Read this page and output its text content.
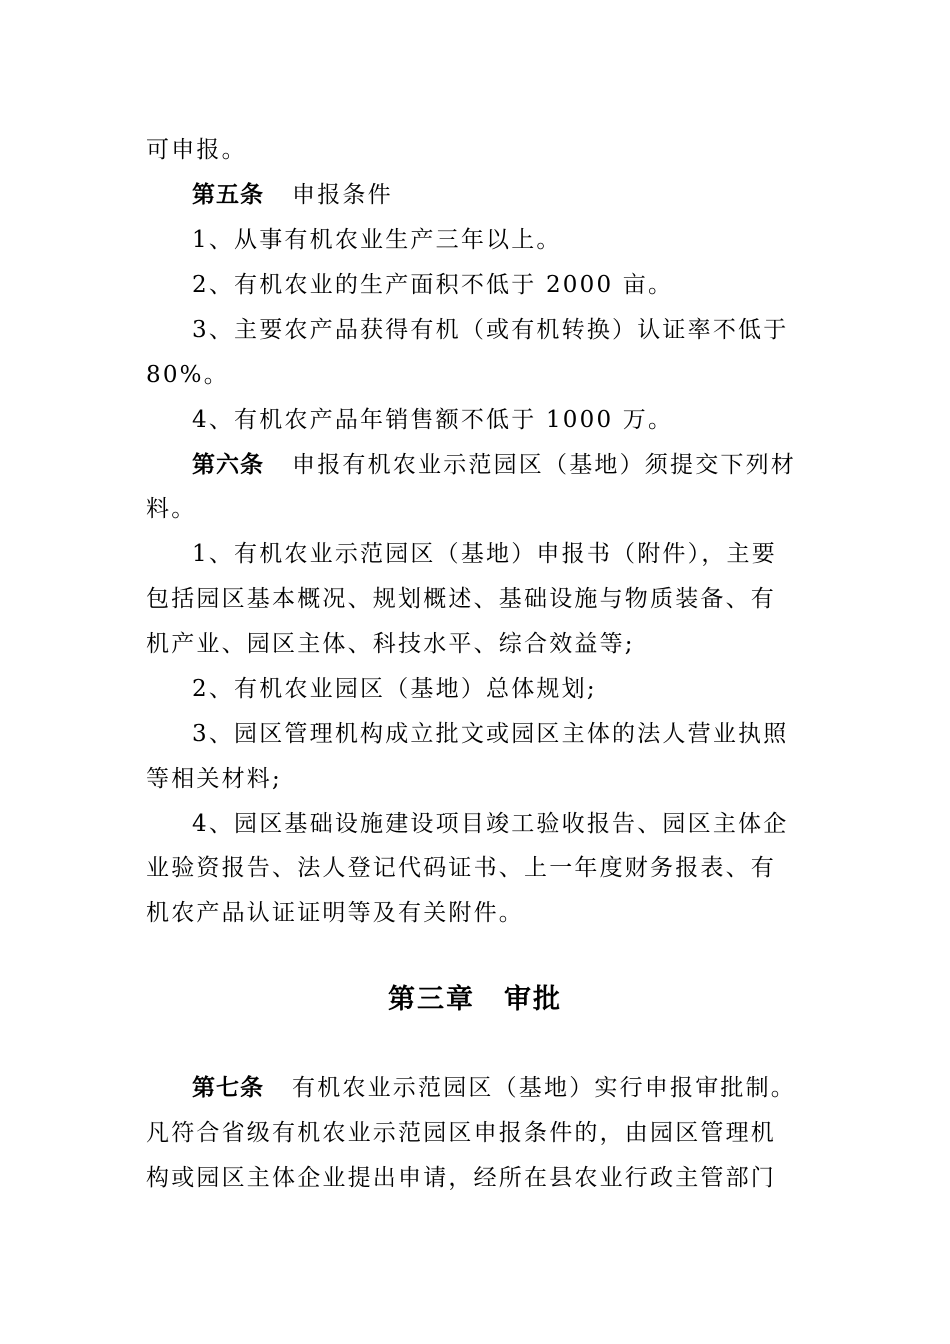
可申报。
第五条 申报条件
1、从事有机农业生产三年以上。
2、有机农业的生产面积不低于 2000 亩。
3、主要农产品获得有机（或有机转换）认证率不低于
80%。
4、有机农产品年销售额不低于 1000 万。
第六条 申报有机农业示范园区（基地）须提交下列材
料。
1、有机农业示范园区（基地）申报书（附件），主要
包括园区基本概况、规划概述、基础设施与物质装备、有
机产业、园区主体、科技水平、综合效益等;
2、有机农业园区（基地）总体规划;
3、园区管理机构成立批文或园区主体的法人营业执照
等相关材料;
4、园区基础设施建设项目竣工验收报告、园区主体企
业验资报告、法人登记代码证书、上一年度财务报表、有
机农产品认证证明等及有关附件。
第三章　审批
第七条 有机农业示范园区（基地）实行申报审批制。
凡符合省级有机农业示范园区申报条件的，由园区管理机
构或园区主体企业提出申请，经所在县农业行政主管部门
